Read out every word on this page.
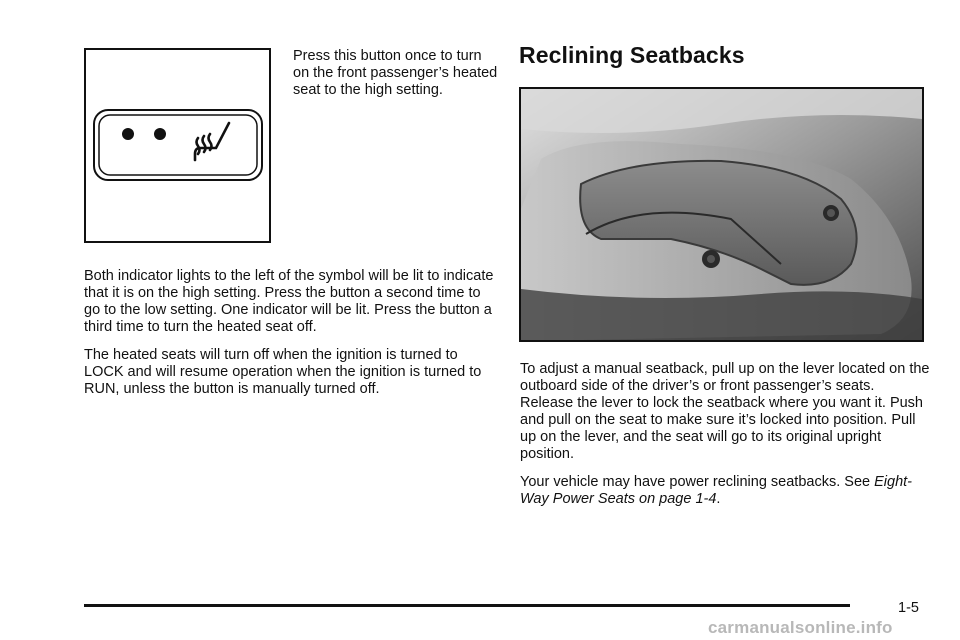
Press this button once to turn on the front passenger’s heated seat to the high setting.

Both indicator lights to the left of the symbol will be lit to indicate that it is on the high setting. Press the button a second time to go to the low setting. One indicator will be lit. Press the button a third time to turn the heated seat off.

The heated seats will turn off when the ignition is turned to LOCK and will resume operation when the ignition is turned to RUN, unless the button is manually turned off.

Reclining Seatbacks

To adjust a manual seatback, pull up on the lever located on the outboard side of the driver’s or front passenger’s seats. Release the lever to lock the seatback where you want it. Push and pull on the seat to make sure it’s locked into position. Pull up on the lever, and the seat will go to its original upright position.

Your vehicle may have power reclining seatbacks. See Eight-Way Power Seats on page 1-4.

1-5
carmanualsonline.info
